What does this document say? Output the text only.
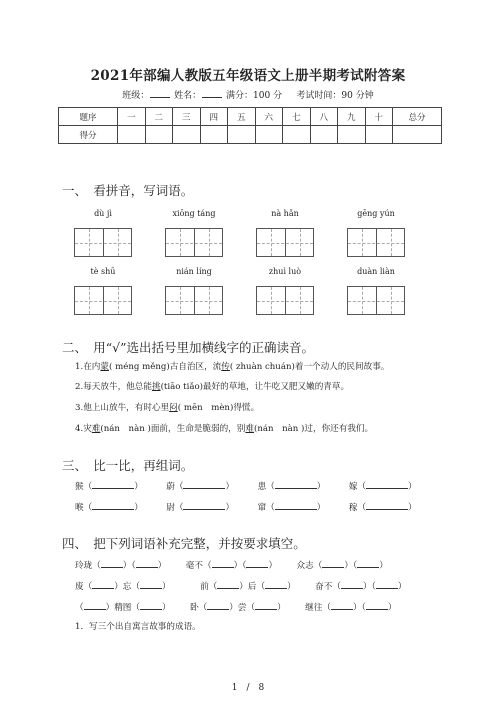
2021年部编人教版五年级语文上册半期考试附答案
班级：	姓名：	满分：100 分 考试时间：90 分钟
题序	一	二	三	四	五	六	七	八	九	十	总分
得分											
一、　看拼音，写词语。
dù jì	xiōng táng	nà hǎn	gēng yún
tè shū	nián líng	zhuì luò	duàn liàn
二、　用“√”选出括号里加横线字的正确读音。
1.在内蒙( méng měng)古自治区，流传( zhuàn chuán)着一个动人的民间故事。
2.每天放牛，他总能挑(tiāo tiǎo)最好的草地，让牛吃又肥又嫩的青草。
3.他上山放牛，有时心里闷( mēn　mèn)得慌。
4.灾难(nán　nàn )面前，生命是脆弱的，别难(nán　nàn )过，你还有我们。
三、　比一比，再组词。
猴（	）	蔚（	）	患（	）	嫁（	）
喉（	）	尉（	）	窜（	）	稼（	）
四、　把下列词语补充完整，并按要求填空。
玲珑（	）（	） 毫不（	）（	） 众志（	）（	）
废（	）忘（	）	前（	）后（	） 奋不（	）（	）
（	）精图（	） 卧（	）尝（	） 继往（	）（	）
1．写三个出自寓言故事的成语。
1　/　8
